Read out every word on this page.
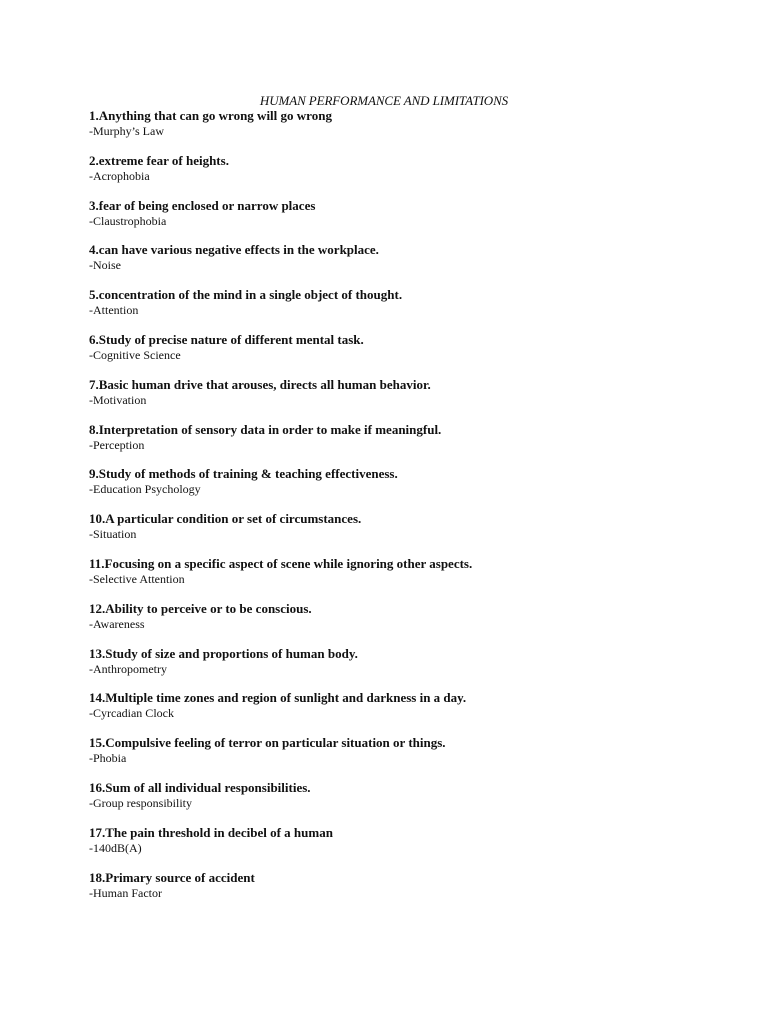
HUMAN PERFORMANCE AND LIMITATIONS
1.Anything that can go wrong will go wrong
-Murphy’s Law
2.extreme fear of heights.
-Acrophobia
3.fear of being enclosed or narrow places
-Claustrophobia
4.can have various negative effects in the workplace.
-Noise
5.concentration of the mind in a single object of thought.
-Attention
6.Study of precise nature of different mental task.
-Cognitive Science
7.Basic human drive that arouses, directs all human behavior.
-Motivation
8.Interpretation of sensory data in order to make if meaningful.
-Perception
9.Study of methods of training & teaching effectiveness.
-Education Psychology
10.A particular condition or set of circumstances.
-Situation
11.Focusing on a specific aspect of scene while ignoring other aspects.
-Selective Attention
12.Ability to perceive or to be conscious.
-Awareness
13.Study of size and proportions of human body.
-Anthropometry
14.Multiple time zones and region of sunlight and darkness in a day.
-Cyrcadian Clock
15.Compulsive feeling of terror on particular situation or things.
-Phobia
16.Sum of all individual responsibilities.
-Group responsibility
17.The pain threshold in decibel of a human
-140dB(A)
18.Primary source of accident
-Human Factor
